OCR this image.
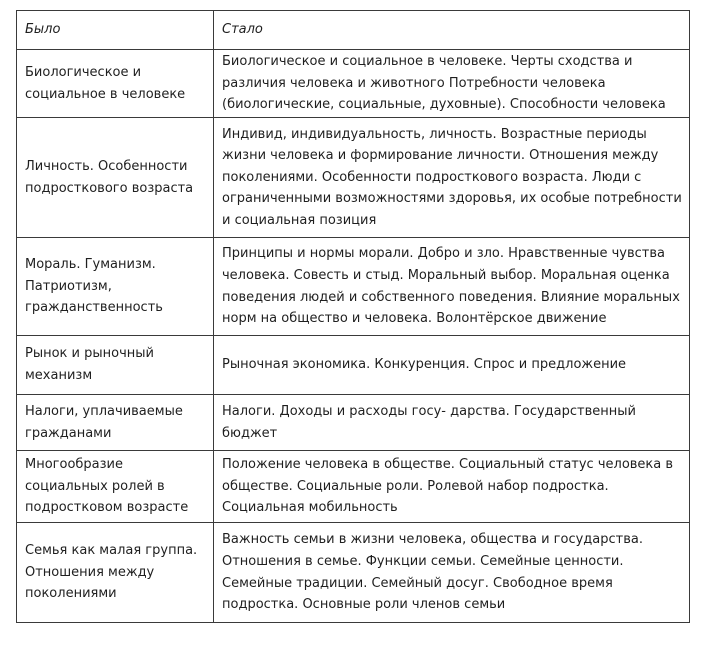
Было	Стало
Биологическое и социальное в человеке	Биологическое и социальное в человеке. Черты сходства и различия человека и животного Потребности человека (биологические, социальные, духовные). Способности человека
Личность. Особенности подросткового возраста	Индивид, индивидуальность, личность. Возрастные периоды жизни человека и формирование личности. Отношения между поколениями. Особенности подросткового возраста. Люди с ограниченными возможностями здоровья, их особые потребности и социальная позиция
Мораль. Гуманизм. Патриотизм, гражданственность	Принципы и нормы морали. Добро и зло. Нравственные чувства человека. Совесть и стыд. Моральный выбор. Моральная оценка поведения людей и собственного поведения. Влияние моральных норм на общество и человека. Волонтёрское движение
Рынок и рыночный механизм	Рыночная экономика. Конкуренция. Спрос и предложение
Налоги, уплачиваемые гражданами	Налоги. Доходы и расходы госу- дарства. Государственный бюджет
Многообразие социальных ролей в подростковом возрасте	Положение человека в обществе. Социальный статус человека в обществе. Социальные роли. Ролевой набор подростка. Социальная мобильность
Семья как малая группа. Отношения между поколениями	Важность семьи в жизни человека, общества и государства. Отношения в семье. Функции семьи. Семейные ценности. Семейные традиции. Семейный досуг. Свободное время подростка. Основные роли членов семьи
